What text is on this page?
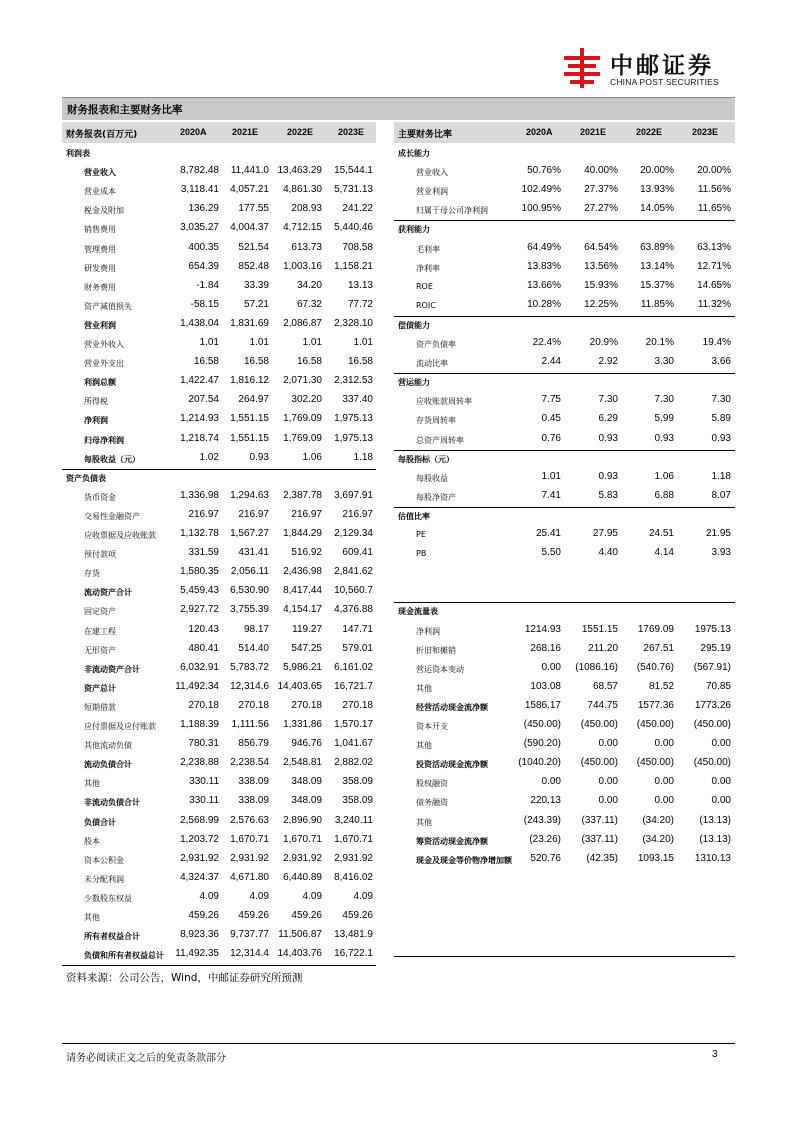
中邮证券
CHINA POST SECURITIES
财务报表和主要财务比率
财务报表(百万元)	主要财务比率
2020A	2021E	2022E	2023E	2020A	2021E	2022E	2023E
利润表
营业收入	8,782.48	11,441.0 13,463.29	15,544.1
营业成本	3,118.41	4,057.21	4,861.30	5,731.13
税金及附加	136.29	177.55	208.93	241.22
销售费用	3,035.27	4,004.37	4,712.15	5,440.46
管理费用	400.35	521.54	613.73	708.58
研发费用	654.39	852.48	1,003.16	1,158.21
财务费用	-1.84	33.39	34.20	13.13
资产减值损失	-58.15	57.21	67.32	77.72
营业利润	1,438.04	1,831.69	2,086.87	2,328.10
营业外收入	1.01	1.01	1.01	1.01
营业外支出	16.58	16.58	16.58	16.58
利润总额	1,422.47	1,816.12	2,071.30	2,312.53
所得税	207.54	264.97	302.20	337.40
净利润	1,214.93	1,551.15	1,769.09	1,975.13
归母净利润	1,218.74	1,551.15	1,769.09	1,975.13
每股收益（元）	1.02	0.93	1.06	1.18
资产负债表
货币资金	1,336.98	1,294.63	2,387.78	3,697.91
交易性金融资产	216.97	216.97	216.97	216.97
应收票据及应收账款	1,132.78	1,567.27	1,844.29	2,129.34
预付款项	331.59	431.41	516.92	609.41
存货	1,580.35	2,056.11	2,436.98	2,841.62
流动资产合计	5,459.43	6,530.90	8,417.44	10,560.7
固定资产	2,927.72	3,755.39	4,154.17	4,376.88
在建工程	120.43	98.17	119.27	147.71
无形资产	480.41	514.40	547.25	579.01
非流动资产合计	6,032.91	5,783.72	5,986.21	6,161.02
资产总计	11,492.34	12,314.6 14,403.65	16,721.7
短期借款	270.18	270.18	270.18	270.18
应付票据及应付账款	1,188.39	1,111.56	1,331.86	1,570.17
其他流动负债	780.31	856.79	946.76	1,041.67
流动负债合计	2,238.88	2,238.54	2,548.81	2,882.02
其他	330.11	338.09	348.09	358.09
非流动负债合计	330.11	338.09	348.09	358.09
负债合计	2,568.99	2,576.63	2,896.90	3,240.11
股本	1,203.72	1,670.71	1,670.71	1,670.71
资本公积金	2,931.92	2,931.92	2,931.92	2,931.92
未分配利润	4,324.37	4,671.80	6,440.89	8,416.02
少数股东权益	4.09	4.09	4.09	4.09
其他	459.26	459.26	459.26	459.26
所有者权益合计	8,923.36	9,737.77 11,506.87	13,481.9
负债和所有者权益总计	11,492.35	12,314.4 14,403.76	16,722.1
成长能力
营业收入	50.76%	40.00%	20.00%	20.00%
营业利润	102.49%	27.37%	13.93%	11.56%
归属于母公司净利润	100.95%	27.27%	14.05%	11.65%
获利能力
毛利率	64.49%	64.54%	63.89%	63.13%
净利率	13.83%	13.56%	13.14%	12.71%
ROE	13.66%	15.93%	15.37%	14.65%
ROIC	10.28%	12.25%	11.85%	11.32%
偿债能力
资产负债率	22.4%	20.9%	20.1%	19.4%
流动比率	2.44	2.92	3.30	3.66
营运能力
应收账款周转率	7.75	7.30	7.30	7.30
存货周转率	0.45	6.29	5.99	5.89
总资产周转率	0.76	0.93	0.93	0.93
每股指标（元）
每股收益	1.01	0.93	1.06	1.18
每股净资产	7.41	5.83	6.88	8.07
估值比率
PE	25.41	27.95	24.51	21.95
PB	5.50	4.40	4.14	3.93
现金流量表
净利润	1214.93	1551.15	1769.09	1975.13
折旧和摊销	268.16	211.20	267.51	295.19
营运资本变动	0.00	(1086.16)	(540.76)	(567.91)
其他	103.08	68.57	81.52	70.85
经营活动现金流净额	1586.17	744.75	1577.36	1773.26
资本开支	(450.00)	(450.00)	(450.00)	(450.00)
其他	(590.20)	0.00	0.00	0.00
投资活动现金流净额	(1040.20)	(450.00)	(450.00)	(450.00)
股权融资	0.00	0.00	0.00	0.00
债务融资	220.13	0.00	0.00	0.00
其他	(243.39)	(337.11)	(34.20)	(13.13)
筹资活动现金流净额	(23.26)	(337.11)	(34.20)	(13.13)
现金及现金等价物净增加额	520.76	(42.35)	1093.15	1310.13
资料来源：公司公告，Wind，中邮证券研究所预测
请务必阅读正文之后的免责条款部分	3
